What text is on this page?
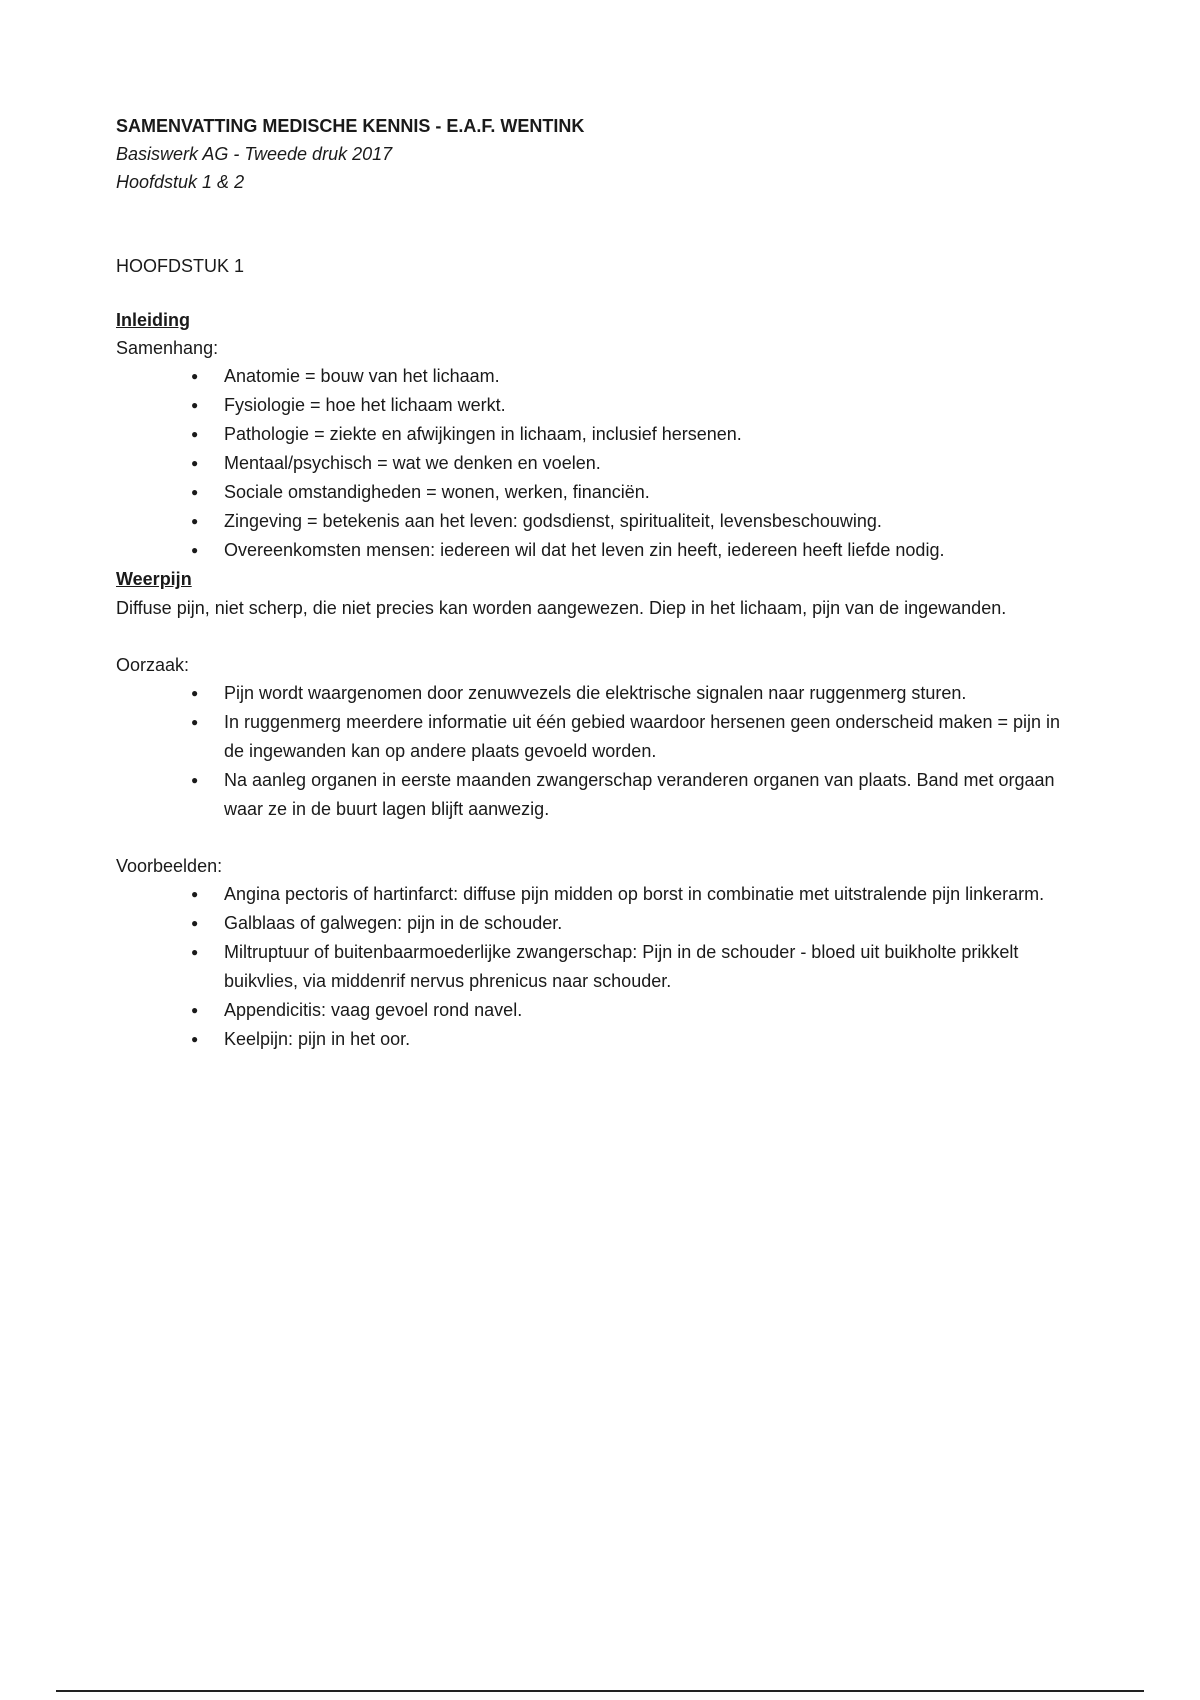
SAMENVATTING MEDISCHE KENNIS - E.A.F. WENTINK
Basiswerk AG - Tweede druk 2017
Hoofdstuk 1 & 2
HOOFDSTUK 1
Inleiding
Samenhang:
● Anatomie = bouw van het lichaam.
● Fysiologie = hoe het lichaam werkt.
● Pathologie = ziekte en afwijkingen in lichaam, inclusief hersenen.
● Mentaal/psychisch = wat we denken en voelen.
● Sociale omstandigheden = wonen, werken, financiën.
● Zingeving = betekenis aan het leven: godsdienst, spiritualiteit, levensbeschouwing.
● Overeenkomsten mensen: iedereen wil dat het leven zin heeft, iedereen heeft liefde nodig.
Weerpijn
Diffuse pijn, niet scherp, die niet precies kan worden aangewezen. Diep in het lichaam, pijn van de ingewanden.
Oorzaak:
● Pijn wordt waargenomen door zenuwvezels die elektrische signalen naar ruggenmerg sturen.
● In ruggenmerg meerdere informatie uit één gebied waardoor hersenen geen onderscheid maken = pijn in de ingewanden kan op andere plaats gevoeld worden.
● Na aanleg organen in eerste maanden zwangerschap veranderen organen van plaats. Band met orgaan waar ze in de buurt lagen blijft aanwezig.
Voorbeelden:
● Angina pectoris of hartinfarct: diffuse pijn midden op borst in combinatie met uitstralende pijn linkerarm.
● Galblaas of galwegen: pijn in de schouder.
● Miltruptuur of buitenbaarmoederlijke zwangerschap: Pijn in de schouder - bloed uit buikholte prikkelt buikvlies, via middenrif nervus phrenicus naar schouder.
● Appendicitis: vaag gevoel rond navel.
● Keelpijn: pijn in het oor.
